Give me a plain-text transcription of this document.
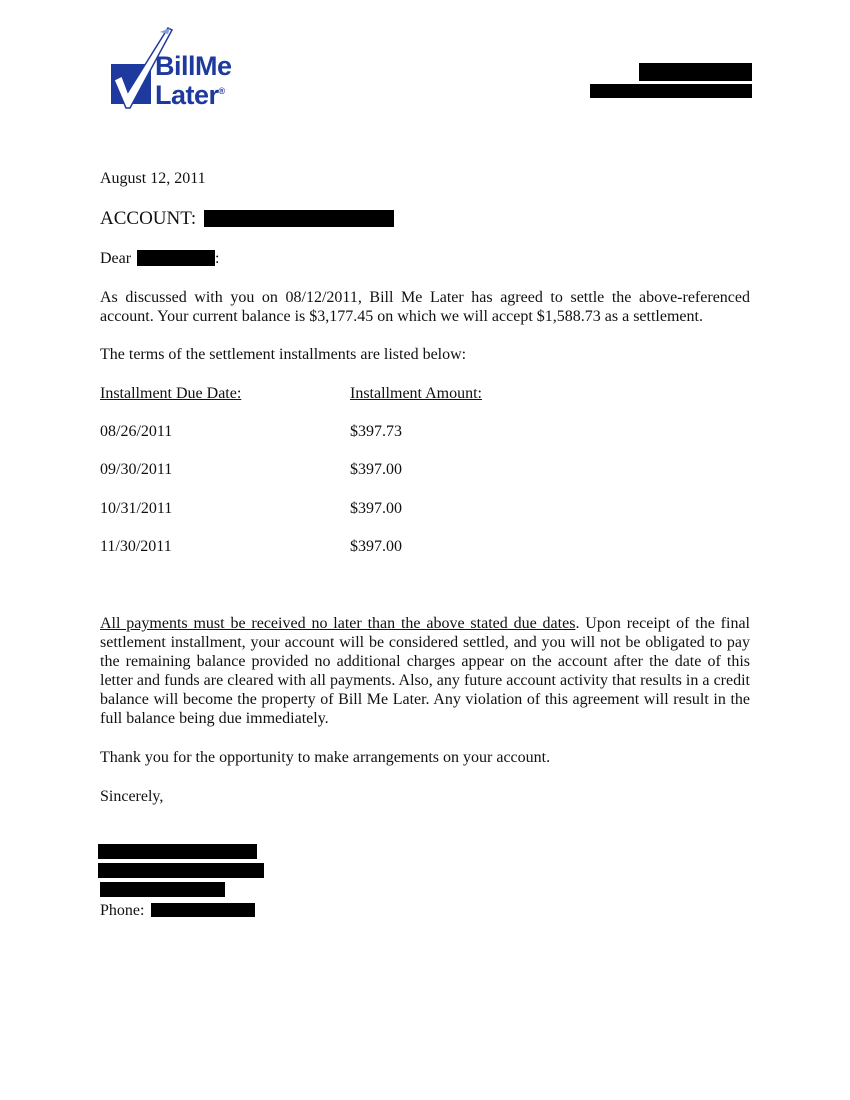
BillMe
Later®
August 12, 2011
ACCOUNT:
Dear	:
As discussed with you on 08/12/2011, Bill Me Later has agreed to settle the above-referenced account. Your current balance is $3,177.45 on which we will accept $1,588.73 as a settlement.
The terms of the settlement installments are listed below:
Installment Due Date:	Installment Amount:
08/26/2011	$397.73
09/30/2011	$397.00
10/31/2011	$397.00
11/30/2011	$397.00
All payments must be received no later than the above stated due dates. Upon receipt of the final settlement installment, your account will be considered settled, and you will not be obligated to pay the remaining balance provided no additional charges appear on the account after the date of this letter and funds are cleared with all payments. Also, any future account activity that results in a credit balance will become the property of Bill Me Later. Any violation of this agreement will result in the full balance being due immediately.
Thank you for the opportunity to make arrangements on your account.
Sincerely,
Phone:
